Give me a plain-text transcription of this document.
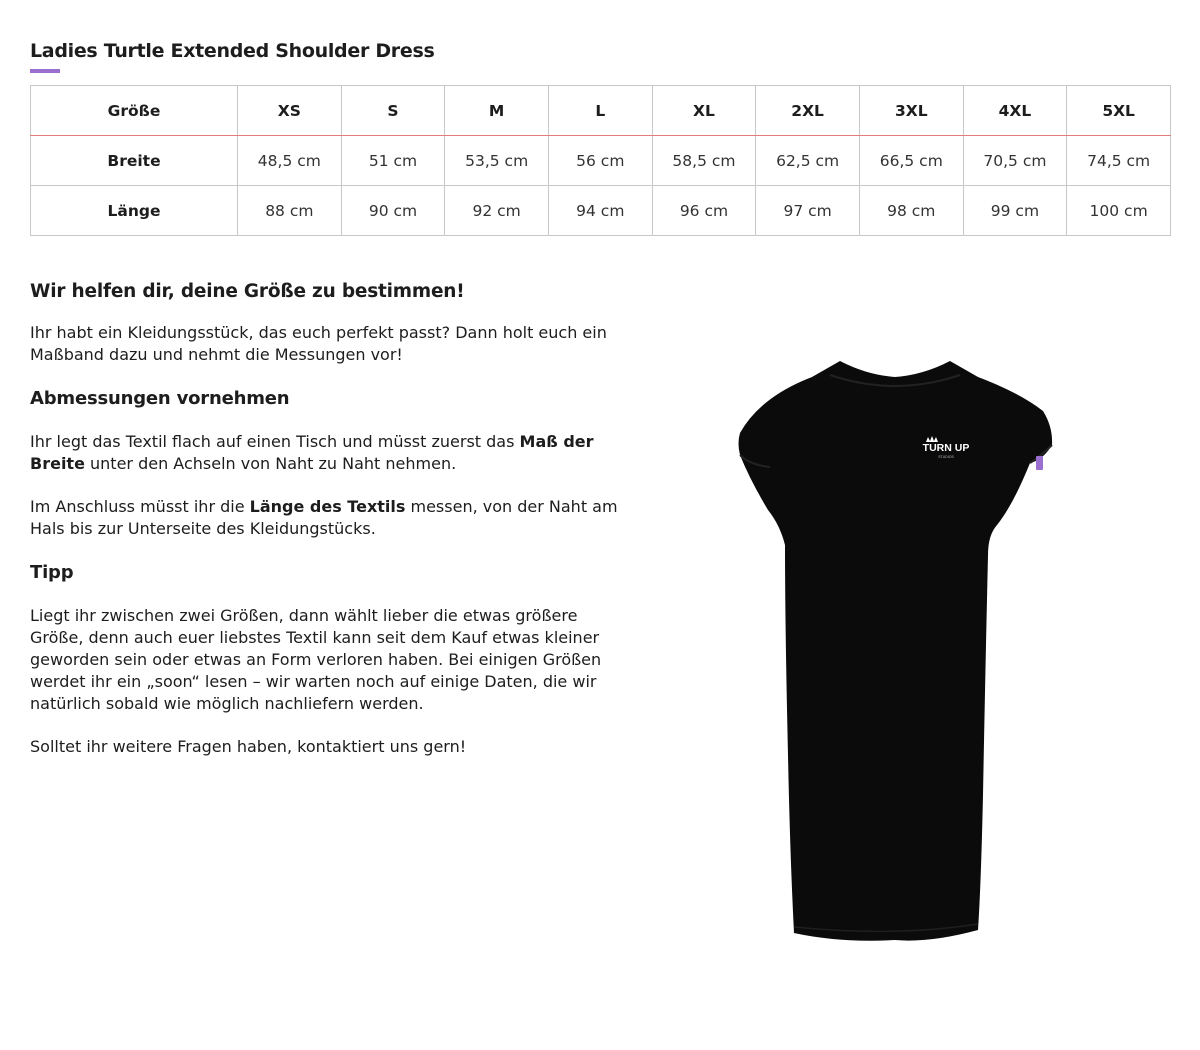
Ladies Turtle Extended Shoulder Dress
Größe	XS	S	M	L	XL	2XL	3XL	4XL	5XL
Breite	48,5 cm	51 cm	53,5 cm	56 cm	58,5 cm	62,5 cm	66,5 cm	70,5 cm	74,5 cm
Länge	88 cm	90 cm	92 cm	94 cm	96 cm	97 cm	98 cm	99 cm	100 cm
Wir helfen dir, deine Größe zu bestimmen!

Ihr habt ein Kleidungsstück, das euch perfekt passt? Dann holt euch ein Maßband dazu und nehmt die Messungen vor!

Abmessungen vornehmen

Ihr legt das Textil flach auf einen Tisch und müsst zuerst das Maß der Breite unter den Achseln von Naht zu Naht nehmen.

Im Anschluss müsst ihr die Länge des Textils messen, von der Naht am Hals bis zur Unterseite des Kleidungstücks.

Tipp

Liegt ihr zwischen zwei Größen, dann wählt lieber die etwas größere Größe, denn auch euer liebstes Textil kann seit dem Kauf etwas kleiner geworden sein oder etwas an Form verloren haben. Bei einigen Größen werdet ihr ein „soon“ lesen – wir warten noch auf einige Daten, die wir natürlich sobald wie möglich nachliefern werden.

Solltet ihr weitere Fragen haben, kontaktiert uns gern!

TURN UP
STUDIOS
